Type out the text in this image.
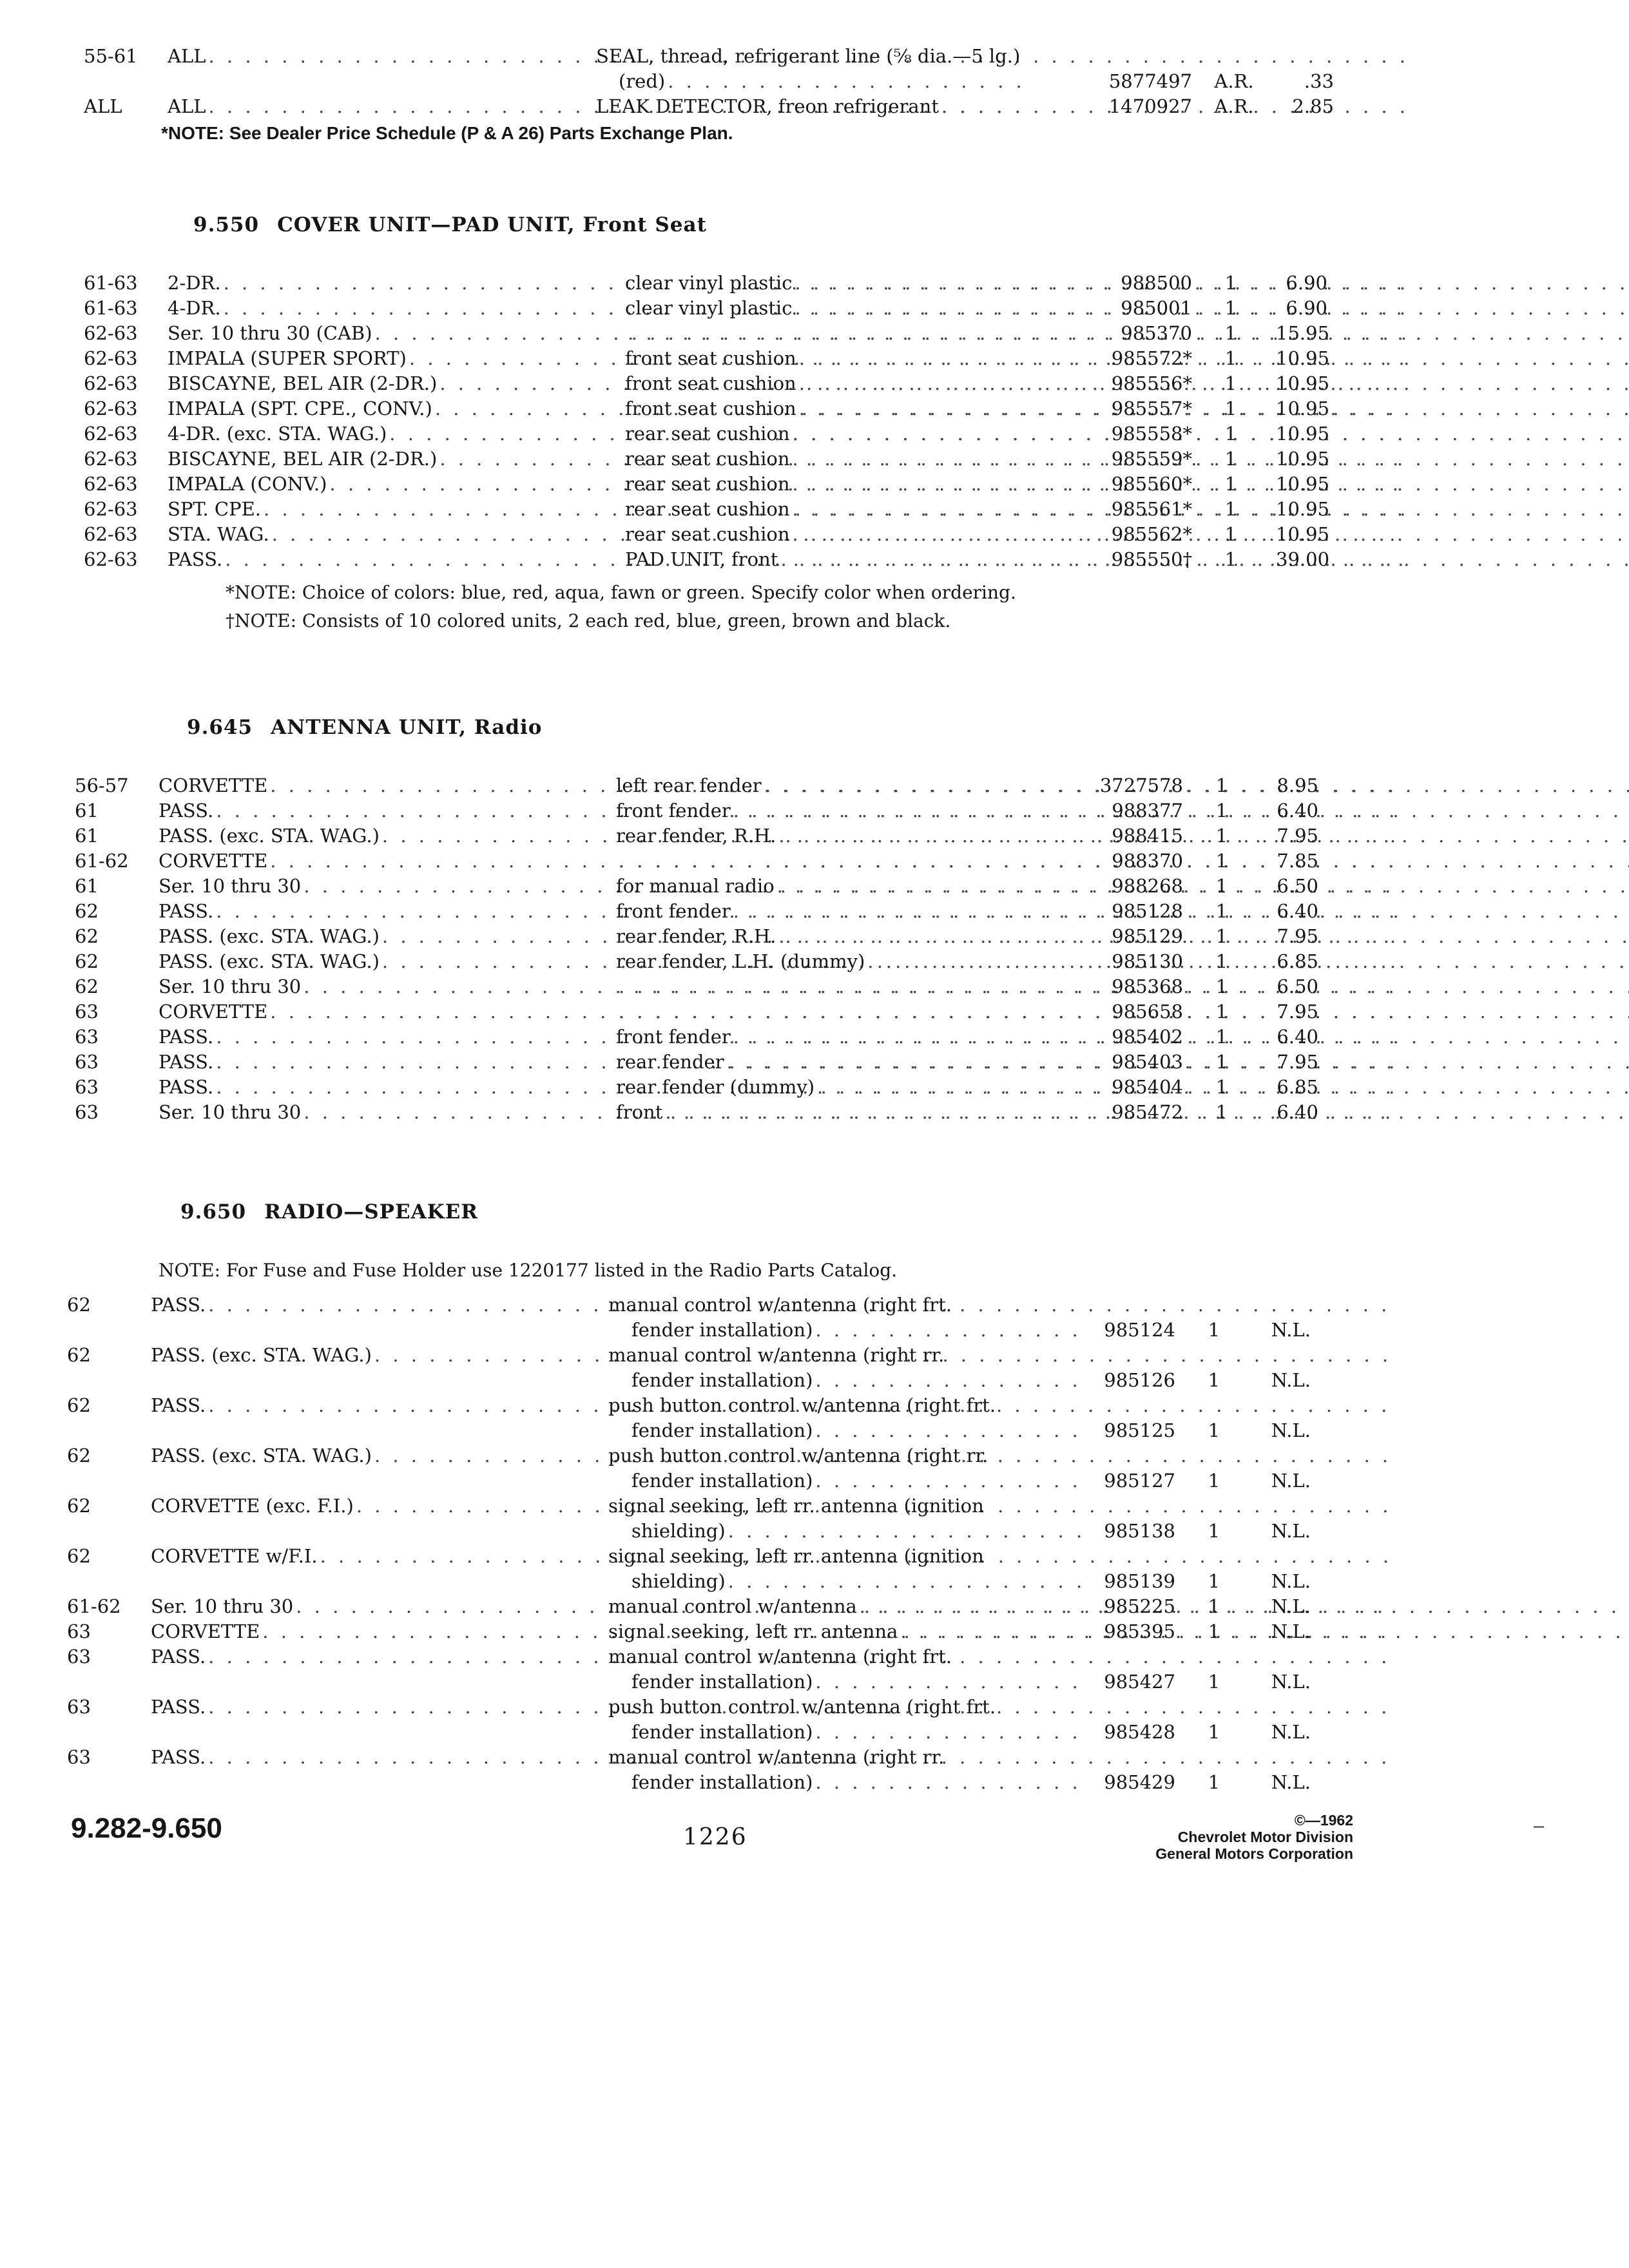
55-61	ALL . . .	SEAL, thread, refrigerant line (⅝ dia.—5 lg.)
(red) . . .	5877497 A.R.	.33
ALL	ALL . . .	LEAK DETECTOR, freon refrigerant . . .	1470927 A.R.	2.85
*NOTE: See Dealer Price Schedule (P & A 26) Parts Exchange Plan.
9.550 COVER UNIT—PAD UNIT, Front Seat
61-63	2-DR. . . .	clear vinyl plastic . . .	988500	1	6.90
61-63	4-DR. . . .	clear vinyl plastic . . .	985001	1	6.90
62-63	Ser. 10 thru 30 (CAB) . . . . . .	985370	1	15.95
62-63	IMPALA (SUPER SPORT) . . .	front seat cushion . . .	985572*	1	10.95
62-63	BISCAYNE, BEL AIR (2-DR.) . . .	front seat cushion . . .	985556*	1	10.95
62-63	IMPALA (SPT. CPE., CONV.) . . .	front seat cushion . . .	985557*	1	10.95
62-63	4-DR. (exc. STA. WAG.) . . .	rear seat cushion . . .	985558*	1	10.95
62-63	BISCAYNE, BEL AIR (2-DR.) . . .	rear seat cushion . . .	985559*	1	10.95
62-63	IMPALA (CONV.) . . .	rear seat cushion . . .	985560*	1	10.95
62-63	SPT. CPE. . . .	rear seat cushion . . .	985561*	1	10.95
62-63	STA. WAG. . . .	rear seat cushion . . .	985562*	1	10.95
62-63	PASS. . . .	PAD UNIT, front . . .	985550†	1	39.00
*NOTE: Choice of colors: blue, red, aqua, fawn or green. Specify color when ordering.
†NOTE: Consists of 10 colored units, 2 each red, blue, green, brown and black.
9.645 ANTENNA UNIT, Radio
56-57	CORVETTE . . .	left rear fender . . .	3727578	1	8.95
61	PASS. . . .	front fender . . .	988377	1	6.40
61	PASS. (exc. STA. WAG.) . . .	rear fender, R.H. . . .	988415	1	7.95
61-62	CORVETTE . . . . . .	988370	1	7.85
61	Ser. 10 thru 30 . . .	for manual radio . . .	988268	1	6.50
62	PASS. . . .	front fender . . .	985128	1	6.40
62	PASS. (exc. STA. WAG.) . . .	rear fender, R.H. . . .	985129	1	7.95
62	PASS. (exc. STA. WAG.) . . .	rear fender, L.H. (dummy) . . .	985130	1	6.85
62	Ser. 10 thru 30 . . . . . .	985368	1	6.50
63	CORVETTE . . . . . .	985658	1	7.95
63	PASS. . . .	front fender . . .	985402	1	6.40
63	PASS. . . .	rear fender . . .	985403	1	7.95
63	PASS. . . .	rear fender (dummy) . . .	985404	1	6.85
63	Ser. 10 thru 30 . . .	front . . .	985472	1	6.40
9.650 RADIO—SPEAKER
NOTE: For Fuse and Fuse Holder use 1220177 listed in the Radio Parts Catalog.
62	PASS. . . .	manual control w/antenna (right frt.
fender installation) . . .	985124	1	N.L.
62	PASS. (exc. STA. WAG.) . . .	manual control w/antenna (right rr.
fender installation) . . .	985126	1	N.L.
62	PASS. . . .	push button control w/antenna (right frt.
fender installation) . . .	985125	1	N.L.
62	PASS. (exc. STA. WAG.) . . .	push button control w/antenna (right rr.
fender installation) . . .	985127	1	N.L.
62	CORVETTE (exc. F.I.) . . .	signal seeking, left rr. antenna (ignition
shielding) . . .	985138	1	N.L.
62	CORVETTE w/F.I. . . .	signal seeking, left rr. antenna (ignition
shielding) . . .	985139	1	N.L.
61-62	Ser. 10 thru 30 . . .	manual control w/antenna . . .	985225	1	N.L.
63	CORVETTE . . .	signal seeking, left rr. antenna . . .	985395	1	N.L.
63	PASS. . . .	manual control w/antenna (right frt.
fender installation) . . .	985427	1	N.L.
63	PASS. . . .	push button control w/antenna (right frt.
fender installation) . . .	985428	1	N.L.
63	PASS. . . .	manual control w/antenna (right rr.
fender installation) . . .	985429	1	N.L.
9.282-9.650	1226
©—1962
Chevrolet Motor Division
General Motors Corporation
